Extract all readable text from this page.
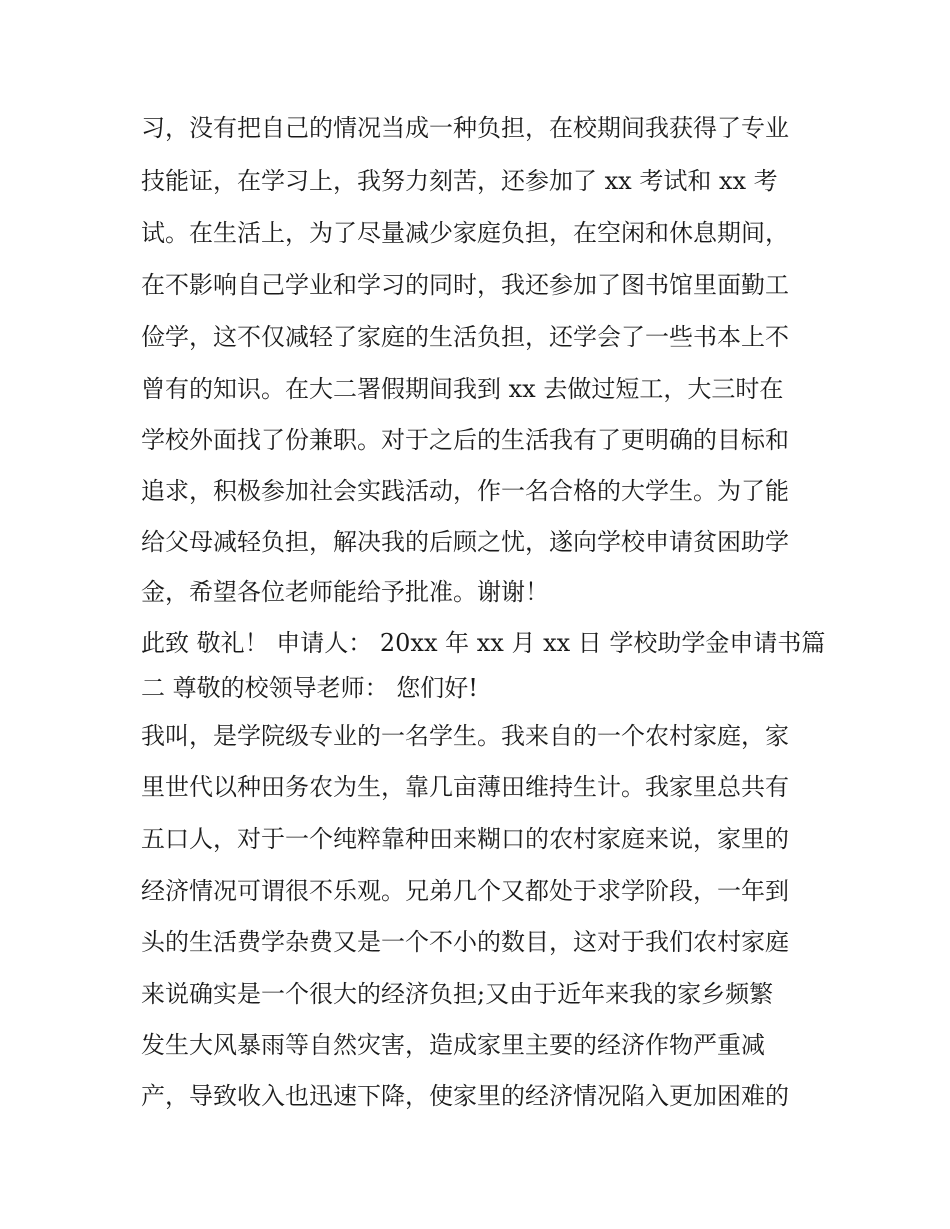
习，没有把自己的情况当成一种负担，在校期间我获得了专业
技能证，在学习上，我努力刻苦，还参加了 xx 考试和 xx 考
试。在生活上，为了尽量减少家庭负担，在空闲和休息期间，
在不影响自己学业和学习的同时，我还参加了图书馆里面勤工
俭学，这不仅减轻了家庭的生活负担，还学会了一些书本上不
曾有的知识。在大二署假期间我到 xx 去做过短工，大三时在
学校外面找了份兼职。对于之后的生活我有了更明确的目标和
追求，积极参加社会实践活动，作一名合格的大学生。为了能
给父母减轻负担，解决我的后顾之忧，遂向学校申请贫困助学
金，希望各位老师能给予批准。谢谢！
此致 敬礼！ 申请人： 20xx 年 xx 月 xx 日 学校助学金申请书篇
二 尊敬的校领导老师： 您们好!
我叫，是学院级专业的一名学生。我来自的一个农村家庭，家
里世代以种田务农为生，靠几亩薄田维持生计。我家里总共有
五口人，对于一个纯粹靠种田来糊口的农村家庭来说，家里的
经济情况可谓很不乐观。兄弟几个又都处于求学阶段，一年到
头的生活费学杂费又是一个不小的数目，这对于我们农村家庭
来说确实是一个很大的经济负担;又由于近年来我的家乡频繁
发生大风暴雨等自然灾害，造成家里主要的经济作物严重减
产，导致收入也迅速下降，使家里的经济情况陷入更加困难的
